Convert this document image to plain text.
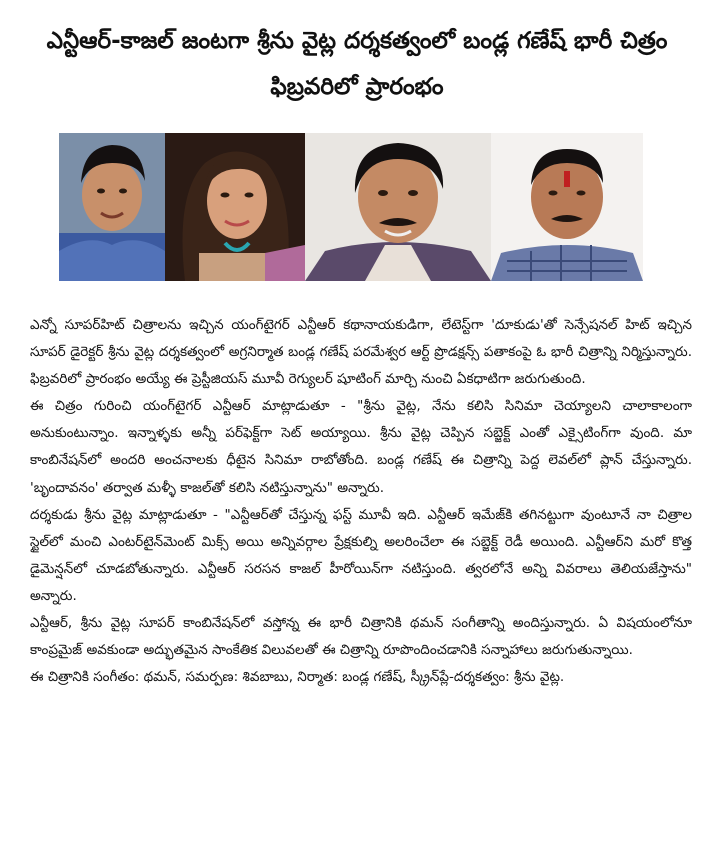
ఎన్టీఆర్-కాజల్ జంటగా శ్రీను వైట్ల దర్శకత్వంలో బండ్ల గణేష్ భారీ చిత్రం
ఫిబ్రవరిలో ప్రారంభం

ఎన్నో సూపర్‌హిట్ చిత్రాలను ఇచ్చిన యంగ్‌టైగర్ ఎన్టీఆర్ కథానాయకుడిగా, లేటెస్ట్‌గా 'దూకుడు'తో సెన్సేషనల్ హిట్ ఇచ్చిన సూపర్ డైరెక్టర్ శ్రీను వైట్ల దర్శకత్వంలో అగ్రనిర్మాత బండ్ల గణేష్ పరమేశ్వర ఆర్ట్ ప్రొడక్షన్స్ పతాకంపై ఓ భారీ చిత్రాన్ని నిర్మిస్తున్నారు. ఫిబ్రవరిలో ప్రారంభం అయ్యే ఈ ప్రెస్టీజియస్ మూవీ రెగ్యులర్ షూటింగ్ మార్చి నుంచి ఏకధాటిగా జరుగుతుంది.

ఈ చిత్రం గురించి యంగ్‌టైగర్ ఎన్టీఆర్ మాట్లాడుతూ - "శ్రీను వైట్ల, నేను కలిసి సినిమా చెయ్యాలని చాలాకాలంగా అనుకుంటున్నాం. ఇన్నాళ్ళకు అన్నీ పర్‌ఫెక్ట్‌గా సెట్ అయ్యాయి. శ్రీను వైట్ల చెప్పిన సబ్జెక్ట్ ఎంతో ఎక్సైటింగ్‌గా వుంది. మా కాంబినేషన్‌లో అందరి అంచనాలకు ధీటైన సినిమా రాబోతోంది. బండ్ల గణేష్ ఈ చిత్రాన్ని పెద్ద లెవల్‌లో ప్లాన్ చేస్తున్నారు. 'బృందావనం' తర్వాత మళ్ళీ కాజల్‌తో కలిసి నటిస్తున్నాను" అన్నారు.

దర్శకుడు శ్రీను వైట్ల మాట్లాడుతూ - "ఎన్టీఆర్‌తో చేస్తున్న ఫస్ట్ మూవీ ఇది. ఎన్టీఆర్ ఇమేజ్‌కి తగినట్టుగా వుంటూనే నా చిత్రాల స్టైల్‌లో మంచి ఎంటర్‌టైన్‌మెంట్ మిక్స్ అయి అన్నివర్గాల ప్రేక్షకుల్ని అలరించేలా ఈ సబ్జెక్ట్ రెడీ అయింది. ఎన్టీఆర్‌ని మరో కొత్త డైమెన్షన్‌లో చూడబోతున్నారు. ఎన్టీఆర్ సరసన కాజల్ హీరోయిన్‌గా నటిస్తుంది. త్వరలోనే అన్ని వివరాలు తెలియజేస్తాను" అన్నారు.

ఎన్టీఆర్, శ్రీను వైట్ల సూపర్ కాంబినేషన్‌లో వస్తోన్న ఈ భారీ చిత్రానికి థమన్ సంగీతాన్ని అందిస్తున్నారు. ఏ విషయంలోనూ కాంప్రమైజ్ అవకుండా అద్భుతమైన సాంకేతిక విలువలతో ఈ చిత్రాన్ని రూపొందించడానికి సన్నాహాలు జరుగుతున్నాయి.

ఈ చిత్రానికి సంగీతం: థమన్, సమర్పణ: శివబాబు, నిర్మాత: బండ్ల గణేష్, స్క్రీన్‌ప్లే-దర్శకత్వం: శ్రీను వైట్ల.
